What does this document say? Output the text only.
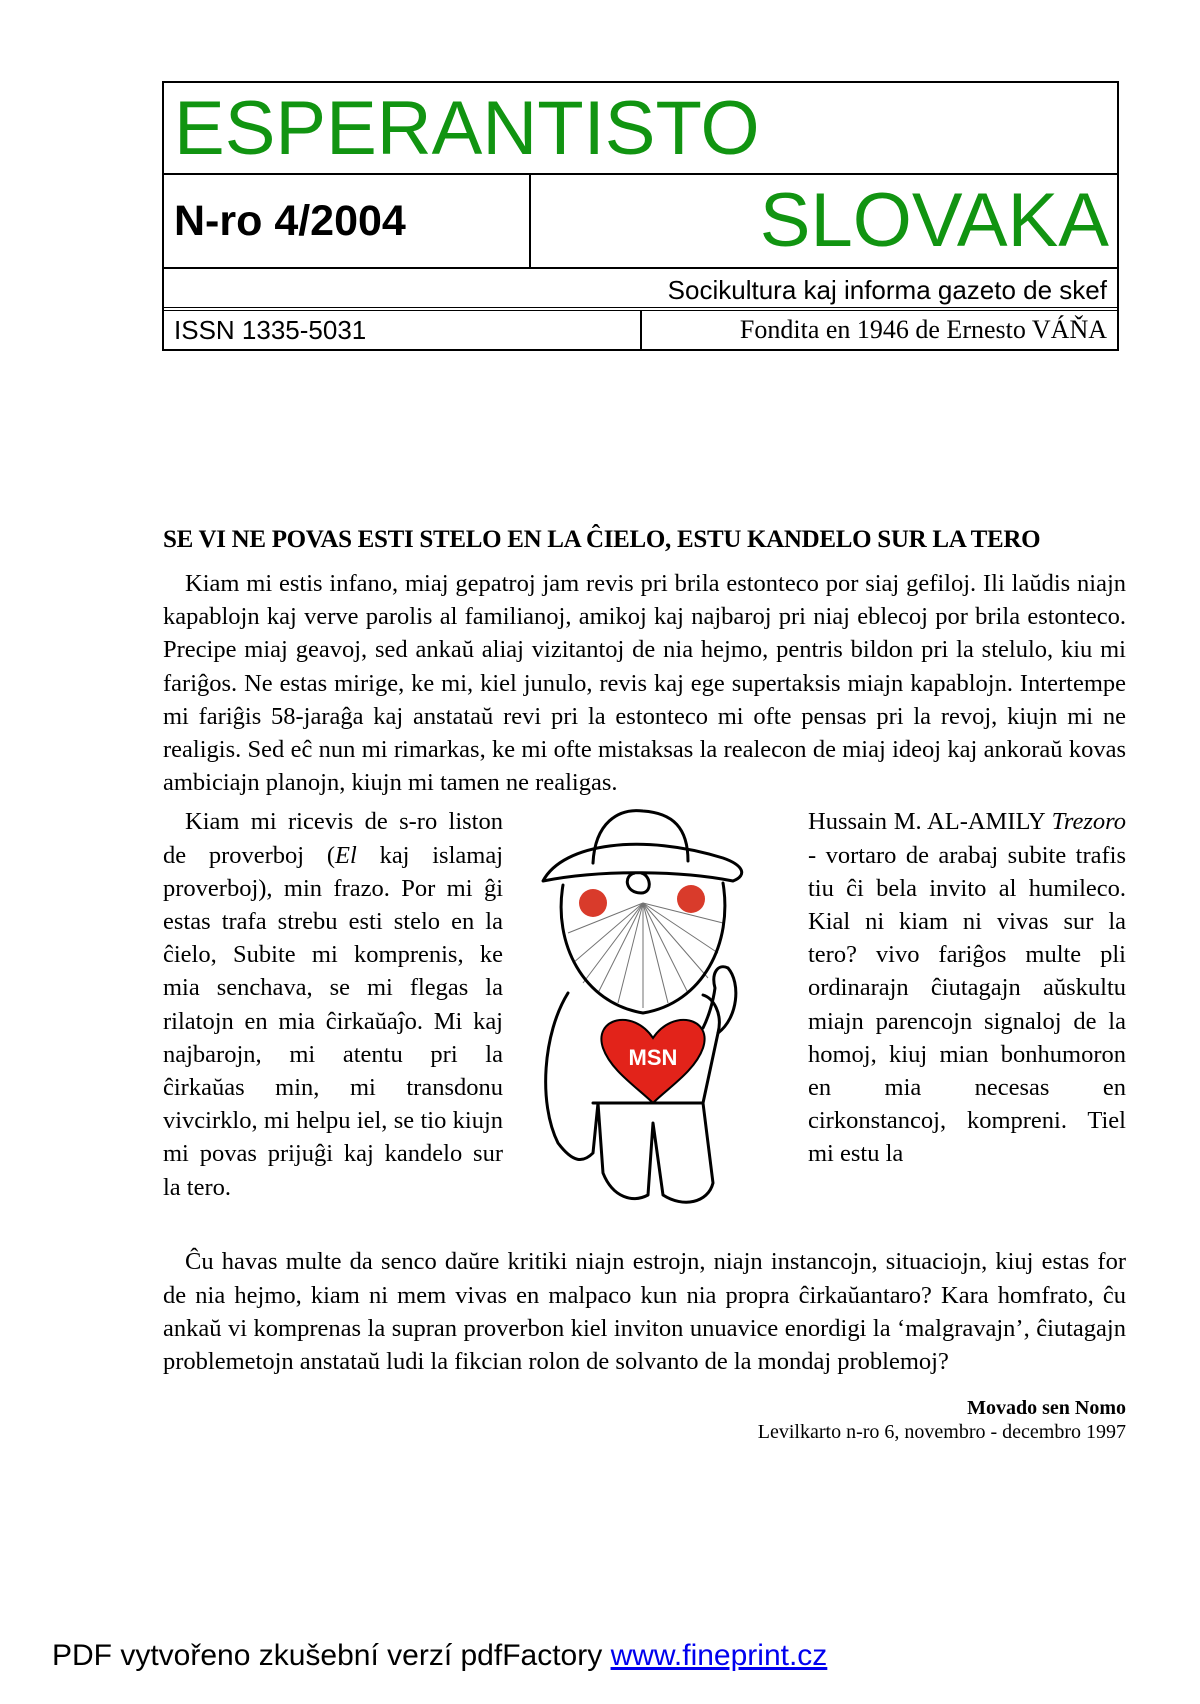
ESPERANTISTO
N-ro 4/2004	SLOVAKA
Socikultura kaj informa gazeto de skef
ISSN 1335-5031	Fondita en 1946 de Ernesto VÁŇA
SE VI NE POVAS ESTI STELO EN LA ĈIELO, ESTU KANDELO SUR LA TERO

Kiam mi estis infano, miaj gepatroj jam revis pri brila estonteco por siaj gefiloj. Ili laŭdis niajn kapablojn kaj verve parolis al familianoj, amikoj kaj najbaroj pri niaj eblecoj por brila estonteco. Precipe miaj geavoj, sed ankaŭ aliaj vizitantoj de nia hejmo, pentris bildon pri la stelulo, kiu mi fariĝos. Ne estas mirige, ke mi, kiel junulo, revis kaj ege supertaksis miajn kapablojn. Intertempe mi fariĝis 58-jaraĝa kaj anstataŭ revi pri la estonteco mi ofte pensas pri la revoj, kiujn mi ne realigis. Sed eĉ nun mi rimarkas, ke mi ofte mistaksas la realecon de miaj ideoj kaj ankoraŭ kovas ambiciajn planojn, kiujn mi tamen ne realigas.

Kiam mi ricevis de s-ro liston de proverboj (El kaj islamaj proverboj), min frazo. Por mi ĝi estas trafa strebu esti stelo en la ĉielo, Subite mi komprenis, ke mia senchava, se mi flegas la rilatojn en mia ĉirkaŭaĵo. Mi kaj najbarojn, mi atentu pri la ĉirkaŭas min, mi transdonu vivcirklo, mi helpu iel, se tio kiujn mi povas prijuĝi kaj kandelo sur la tero.

MSN

Hussain M. AL-AMILY Trezoro - vortaro de arabaj subite trafis tiu ĉi bela invito al humileco. Kial ni kiam ni vivas sur la tero? vivo fariĝos multe pli ordinarajn ĉiutagajn aŭskultu miajn parencojn signaloj de la homoj, kiuj mian bonhumoron en mia necesas en cirkonstancoj, kompreni. Tiel mi estu la

Ĉu havas multe da senco daŭre kritiki niajn estrojn, niajn instancojn, situaciojn, kiuj estas for de nia hejmo, kiam ni mem vivas en malpaco kun nia propra ĉirkaŭantaro? Kara homfrato, ĉu ankaŭ vi komprenas la supran proverbon kiel inviton unuavice enordigi la ‘malgravajn’, ĉiutagajn problemetojn anstataŭ ludi la fikcian rolon de solvanto de la mondaj problemoj?

Movado sen Nomo
Levilkarto n-ro 6, novembro - decembro 1997
PDF vytvořeno zkušební verzí pdfFactory www.fineprint.cz
